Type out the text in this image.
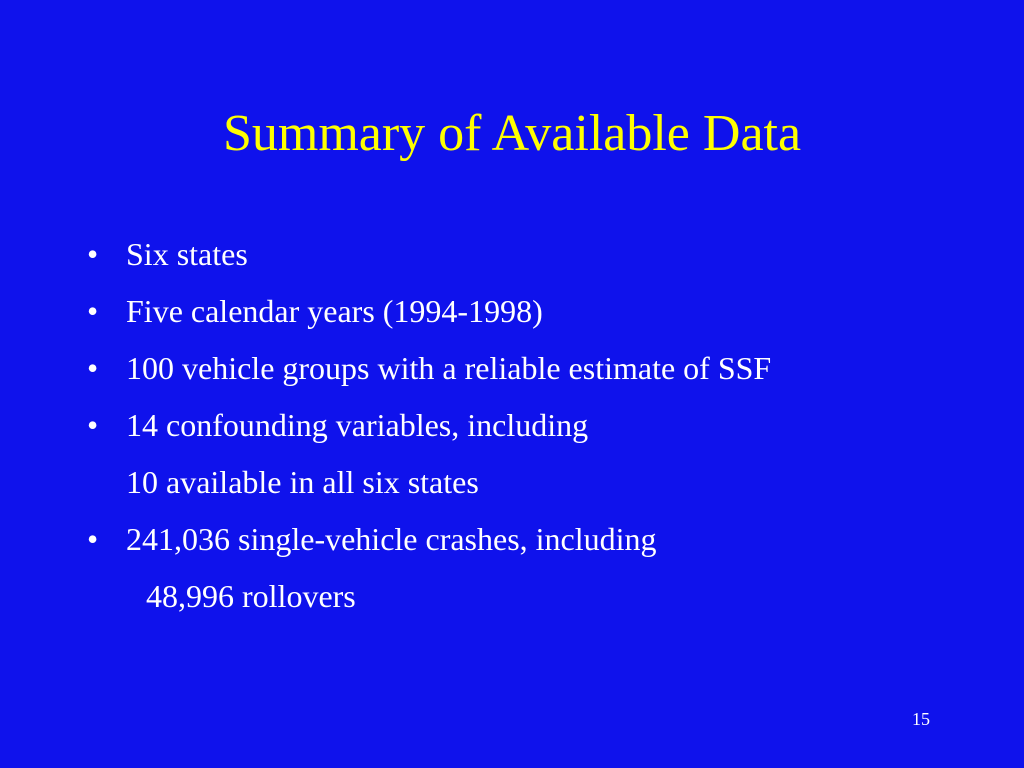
Summary of Available Data
• Six states
• Five calendar years (1994-1998)
• 100 vehicle groups with a reliable estimate of SSF
• 14 confounding variables, including
10 available in all six states
• 241,036 single-vehicle crashes, including
48,996 rollovers
15
